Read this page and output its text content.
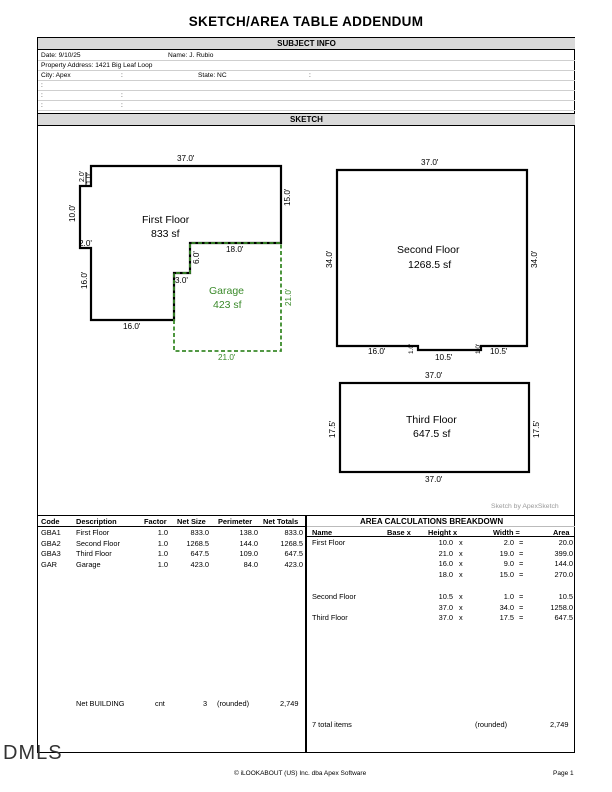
SKETCH/AREA TABLE ADDENDUM
SUBJECT INFO
Date: 9/10/25	Name: J. Rubio
Property Address: 1421 Big Leaf Loop
City: Apex	:	State: NC	:
:
:	:
:	:
SKETCH
First Floor
833 sf
37.0'
15.0'
18.0'
10.0'
2.0' 1.0'
2.0'
16.0'
16.0'
3.0'
6.0'
Garage
423 sf	21.0'
21.0'
Second Floor
1268.5 sf
37.0'
34.0'	34.0'
16.0'
10.5'
10.5'
1.0'	1.0'
Third Floor
647.5 sf
37.0'
37.0'
17.5'	17.5'
Sketch by ApexSketch
Code Description	Factor Net Size Perimeter Net Totals
GBA1 First Floor	1.0	833.0	138.0	833.0
GBA2 Second Floor	1.0 1268.5	144.0	1268.5
GBA3 Third Floor	1.0	647.5	109.0	647.5
GAR	Garage	1.0	423.0	84.0	423.0
Net BUILDING	cnt	3 (rounded)	2,749
AREA CALCULATIONS BREAKDOWN
Name	Base x Height x	Width =	Area
First Floor	10.0 x	2.0 =	20.0
21.0 x	19.0 =	399.0
16.0 x	9.0 =	144.0
18.0 x	15.0 =	270.0
Second Floor	10.5 x	1.0 =	10.5
37.0 x	34.0 =	1258.0
Third Floor	37.0 x	17.5 =	647.5
7 total items	(rounded)	2,749
© iLOOKABOUT (US) Inc. dba Apex Software	Page 1
DMLS
